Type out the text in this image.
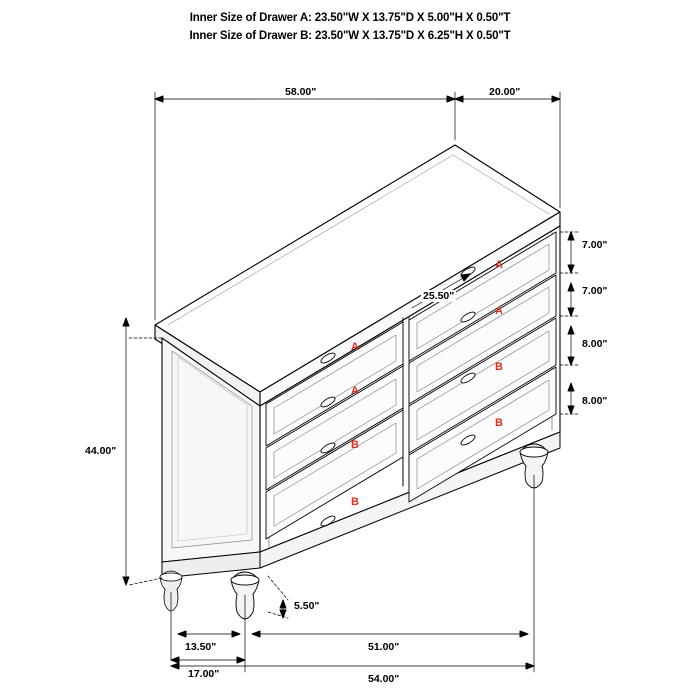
Inner Size of Drawer A: 23.50"W X 13.75"D X 5.00"H X 0.50"T
Inner Size of Drawer B: 23.50"W X 13.75"D X 6.25"H X 0.50"T
58.00"	20.00"
44.00"
7.00"
7.00"
8.00"
8.00"
25.50"
5.50"
13.50"	51.00"
54.00"
17.00"
A
A
B
B
A
A
B
B
